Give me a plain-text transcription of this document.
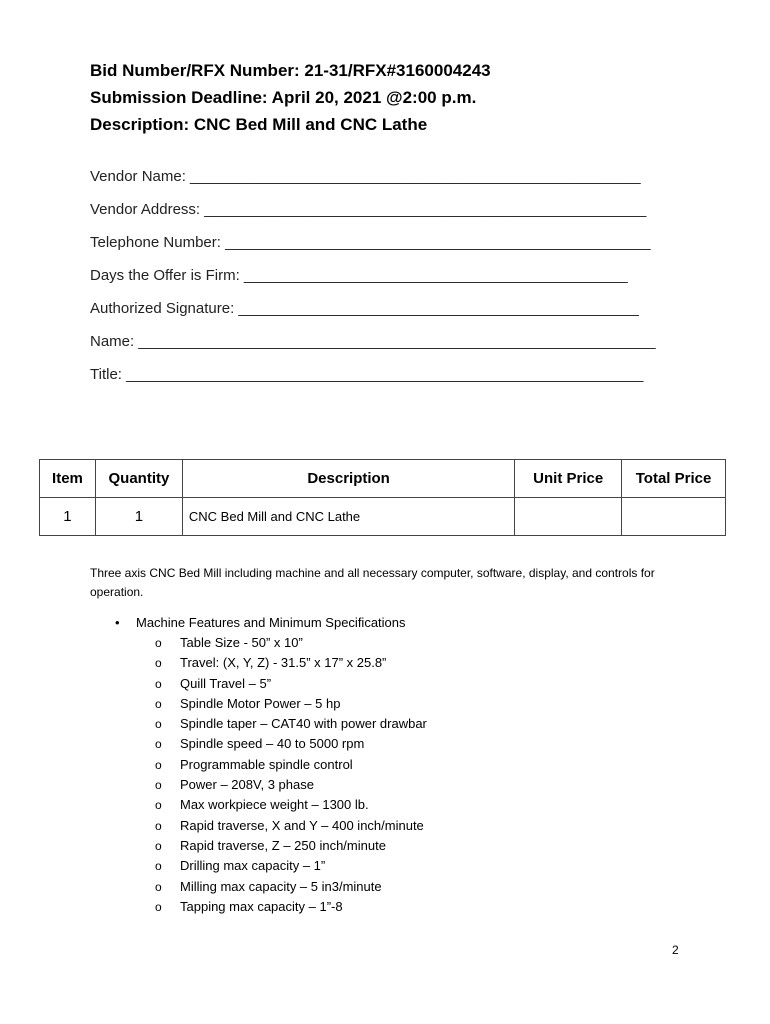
Bid Number/RFX Number: 21-31/RFX#3160004243
Submission Deadline: April 20, 2021 @2:00 p.m.
Description: CNC Bed Mill and CNC Lathe
Vendor Name: ______________________________________________________
Vendor Address: _____________________________________________________
Telephone Number: ___________________________________________________
Days the Offer is Firm: ______________________________________________
Authorized Signature: ________________________________________________
Name: ______________________________________________________________
Title: ______________________________________________________________
Item	Quantity	Description	Unit Price	Total Price
1	1	CNC Bed Mill and CNC Lathe		
Three axis CNC Bed Mill including machine and all necessary computer, software, display, and controls for operation.
• Machine Features and Minimum Specifications
o Table Size - 50” x 10”
o Travel: (X, Y, Z) - 31.5” x 17” x 25.8”
o Quill Travel – 5”
o Spindle Motor Power – 5 hp
o Spindle taper – CAT40 with power drawbar
o Spindle speed – 40 to 5000 rpm
o Programmable spindle control
o Power – 208V, 3 phase
o Max workpiece weight – 1300 lb.
o Rapid traverse, X and Y – 400 inch/minute
o Rapid traverse, Z – 250 inch/minute
o Drilling max capacity – 1”
o Milling max capacity – 5 in3/minute
o Tapping max capacity – 1”-8
2
